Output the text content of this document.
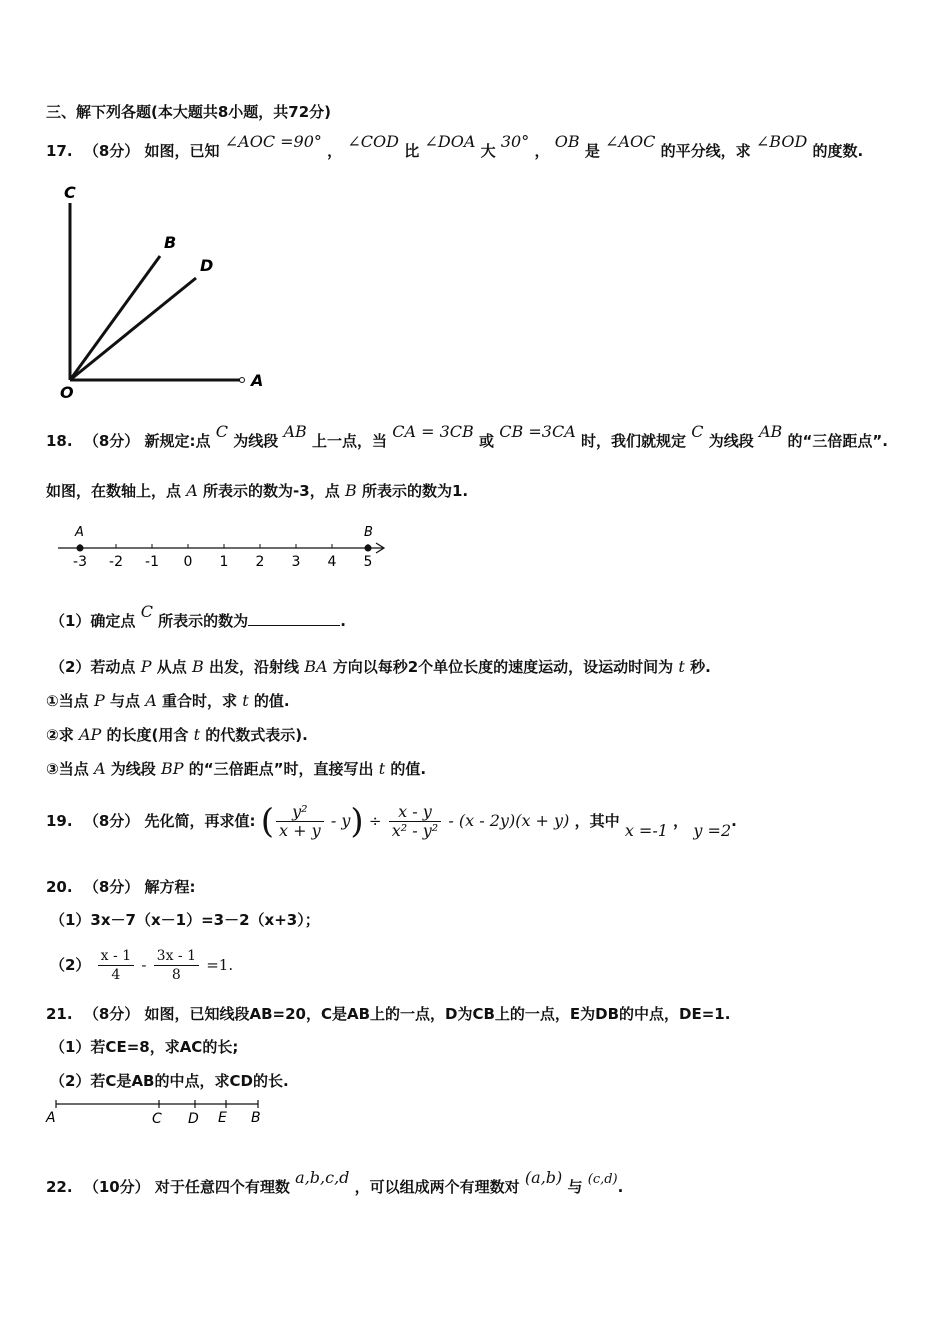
三、解下列各题(本大题共8小题，共72分)
17. （8分） 如图，已知 ∠AOC =90° ， ∠COD 比 ∠DOA 大 30° ， OB 是 ∠AOC 的平分线，求 ∠BOD 的度数.
C
B
D
O
A
18. （8分） 新规定:点 C 为线段 AB 上一点，当 CA = 3CB 或 CB =3CA 时，我们就规定 C 为线段 AB 的“三倍距点”.
如图，在数轴上，点 A 所表示的数为-3，点 B 所表示的数为1.
-3 -2 -1 0 1 2 3 4 5
A	B
（1）确定点 C 所表示的数为	.
（2）若动点 P 从点 B 出发，沿射线 BA 方向以每秒2个单位长度的速度运动，设运动时间为 t 秒.
①当点 P 与点 A 重合时，求 t 的值.
②求 AP 的长度(用含 t 的代数式表示).
③当点 A 为线段 BP 的“三倍距点”时，直接写出 t 的值.
19. （8分） 先化简，再求值: ( $\frac{\text{y²}}{x + y} - y) \div \frac{x - y}{\text{x² - y²}} - (x - 2y)(x + y)$ ，其中 x =-1 ， y =2.
20. （8分） 解方程:
（1）3x－7（x－1）=3－2（x+3）；
$(2) \frac{x - 1}{4} - \frac{3x - 1}{8} =1$.
21. （8分） 如图，已知线段AB=20，C是AB上的一点，D为CB上的一点，E为DB的中点，DE=1.
（1）若CE=8，求AC的长;
（2）若C是AB的中点，求CD的长.
A	C D E B
22. （10分） 对于任意四个有理数 a,b,c,d ，可以组成两个有理数对 (a,b) 与 (c,d).
